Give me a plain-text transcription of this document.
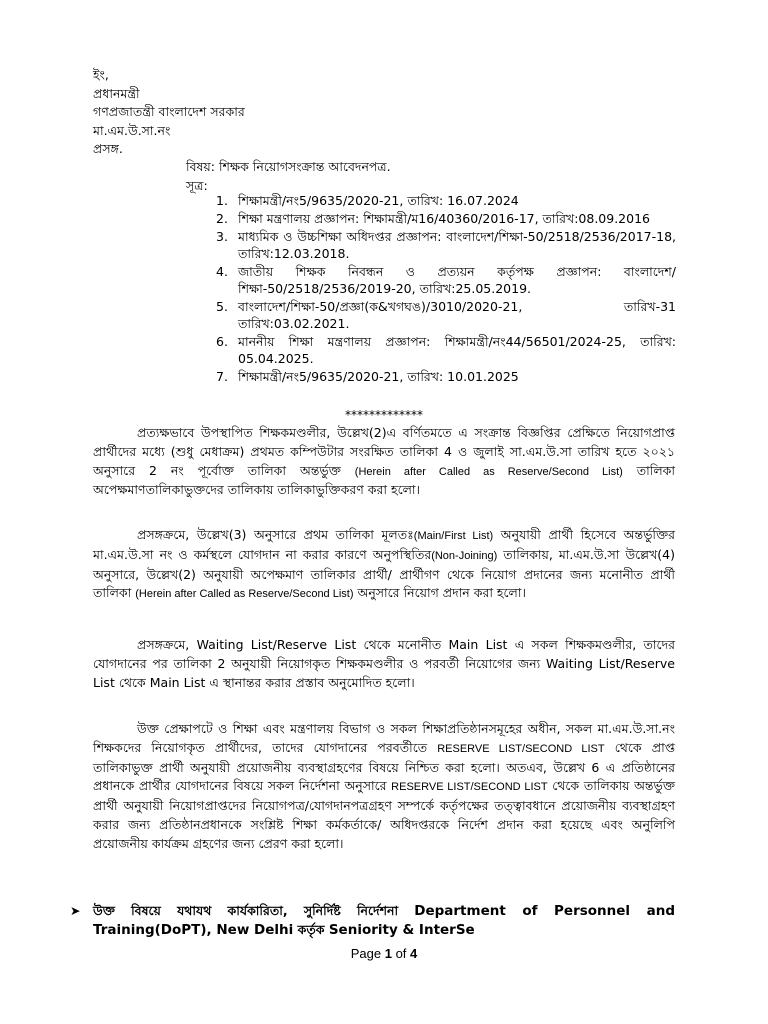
ইং,
প্রধানমন্ত্রী
গণপ্রজাতন্ত্রী বাংলাদেশ সরকার
মা.এম.উ.সা.নং
প্রসঙ্গ.
বিষয়: শিক্ষক নিয়োগসংক্রান্ত আবেদনপত্র.
সূত্র:
1. শিক্ষামন্ত্রী/নং5/9635/2020-21, তারিখ: 16.07.2024
2. শিক্ষা মন্ত্রণালয় প্রজ্ঞাপন: শিক্ষামন্ত্রী/ম16/40360/2016-17, তারিখ:08.09.2016
3. মাধ্যমিক ও উচ্চশিক্ষা অধিদপ্তর প্রজ্ঞাপন: বাংলাদেশ/শিক্ষা-50/2518/2536/2017-18, তারিখ:12.03.2018.
4. জাতীয় শিক্ষক নিবন্ধন ও প্রত্যয়ন কর্তৃপক্ষ প্রজ্ঞাপন: বাংলাদেশ/শিক্ষা-50/2518/2536/2019-20, তারিখ:25.05.2019.
5. বাংলাদেশ/শিক্ষা-50/প্রজ্ঞা(ক&খগঘঙ)/3010/2020-21, তারিখ-31 তারিখ:03.02.2021.
6. মাননীয় শিক্ষা মন্ত্রণালয় প্রজ্ঞাপন: শিক্ষামন্ত্রী/নং44/56501/2024-25, তারিখ: 05.04.2025.
7. শিক্ষামন্ত্রী/নং5/9635/2020-21, তারিখ: 10.01.2025
*************

প্রত্যক্ষভাবে উপস্থাপিত শিক্ষকমণ্ডলীর, উল্লেখ(2)এ বর্ণিতমতে এ সংক্রান্ত বিজ্ঞপ্তির প্রেক্ষিতে নিয়োগপ্রাপ্ত প্রার্থীদের মধ্যে (শুধু মেধাক্রম) প্রথমত কম্পিউটার সংরক্ষিত তালিকা 4 ও জুলাই সা.এম.উ.সা তারিখ হতে ২০২১ অনুসারে 2 নং পূর্বোক্ত তালিকা অন্তর্ভুক্ত (Herein after Called as Reserve/Second List) তালিকা অপেক্ষমাণতালিকাভুক্তদের তালিকায় তালিকাভুক্তিকরণ করা হলো।

প্রসঙ্গক্রমে, উল্লেখ(3) অনুসারে প্রথম তালিকা মূলতঃ(Main/First List) অনুযায়ী প্রার্থী হিসেবে অন্তর্ভুক্তির মা.এম.উ.সা নং ও কর্মস্থলে যোগদান না করার কারণে অনুপস্থিতির(Non-Joining) তালিকায়, মা.এম.উ.সা উল্লেখ(4) অনুসারে, উল্লেখ(2) অনুযায়ী অপেক্ষমাণ তালিকার প্রার্থী/ প্রার্থীগণ থেকে নিয়োগ প্রদানের জন্য মনোনীত প্রার্থী তালিকা (Herein after Called as Reserve/Second List) অনুসারে নিয়োগ প্রদান করা হলো।

প্রসঙ্গক্রমে, Waiting List/Reserve List থেকে মনোনীত Main List এ সকল শিক্ষকমণ্ডলীর, তাদের যোগদানের পর তালিকা 2 অনুযায়ী নিয়োগকৃত শিক্ষকমণ্ডলীর ও পরবর্তী নিয়োগের জন্য Waiting List/Reserve List থেকে Main List এ স্থানান্তর করার প্রস্তাব অনুমোদিত হলো।

উক্ত প্রেক্ষাপটে ও শিক্ষা এবং মন্ত্রণালয় বিভাগ ও সকল শিক্ষাপ্রতিষ্ঠানসমূহের অধীন, সকল মা.এম.উ.সা.নং শিক্ষকদের নিয়োগকৃত প্রার্থীদের, তাদের যোগদানের পরবর্তীতে RESERVE LIST/SECOND LIST থেকে প্রাপ্ত তালিকাভুক্ত প্রার্থী অনুযায়ী প্রয়োজনীয় ব্যবস্থাগ্রহণের বিষয়ে নিশ্চিত করা হলো। অতএব, উল্লেখ 6 এ প্রতিষ্ঠানের প্রধানকে প্রার্থীর যোগদানের বিষয়ে সকল নির্দেশনা অনুসারে RESERVE LIST/SECOND LIST থেকে তালিকায় অন্তর্ভুক্ত প্রার্থী অনুযায়ী নিয়োগপ্রাপ্তদের নিয়োগপত্র/যোগদানপত্রগ্রহণ সম্পর্কে কর্তৃপক্ষের তত্ত্বাবধানে প্রয়োজনীয় ব্যবস্থাগ্রহণ করার জন্য প্রতিষ্ঠানপ্রধানকে সংশ্লিষ্ট শিক্ষা কর্মকর্তাকে/ অধিদপ্তরকে নির্দেশ প্রদান করা হয়েছে এবং অনুলিপি প্রয়োজনীয় কার্যক্রম গ্রহণের জন্য প্রেরণ করা হলো।

➤ উক্ত বিষয়ে যথাযথ কার্যকারিতা, সুনির্দিষ্ট নির্দেশনা Department of Personnel and Training(DoPT), New Delhi কর্তৃক Seniority & InterSe
Page 1 of 4
